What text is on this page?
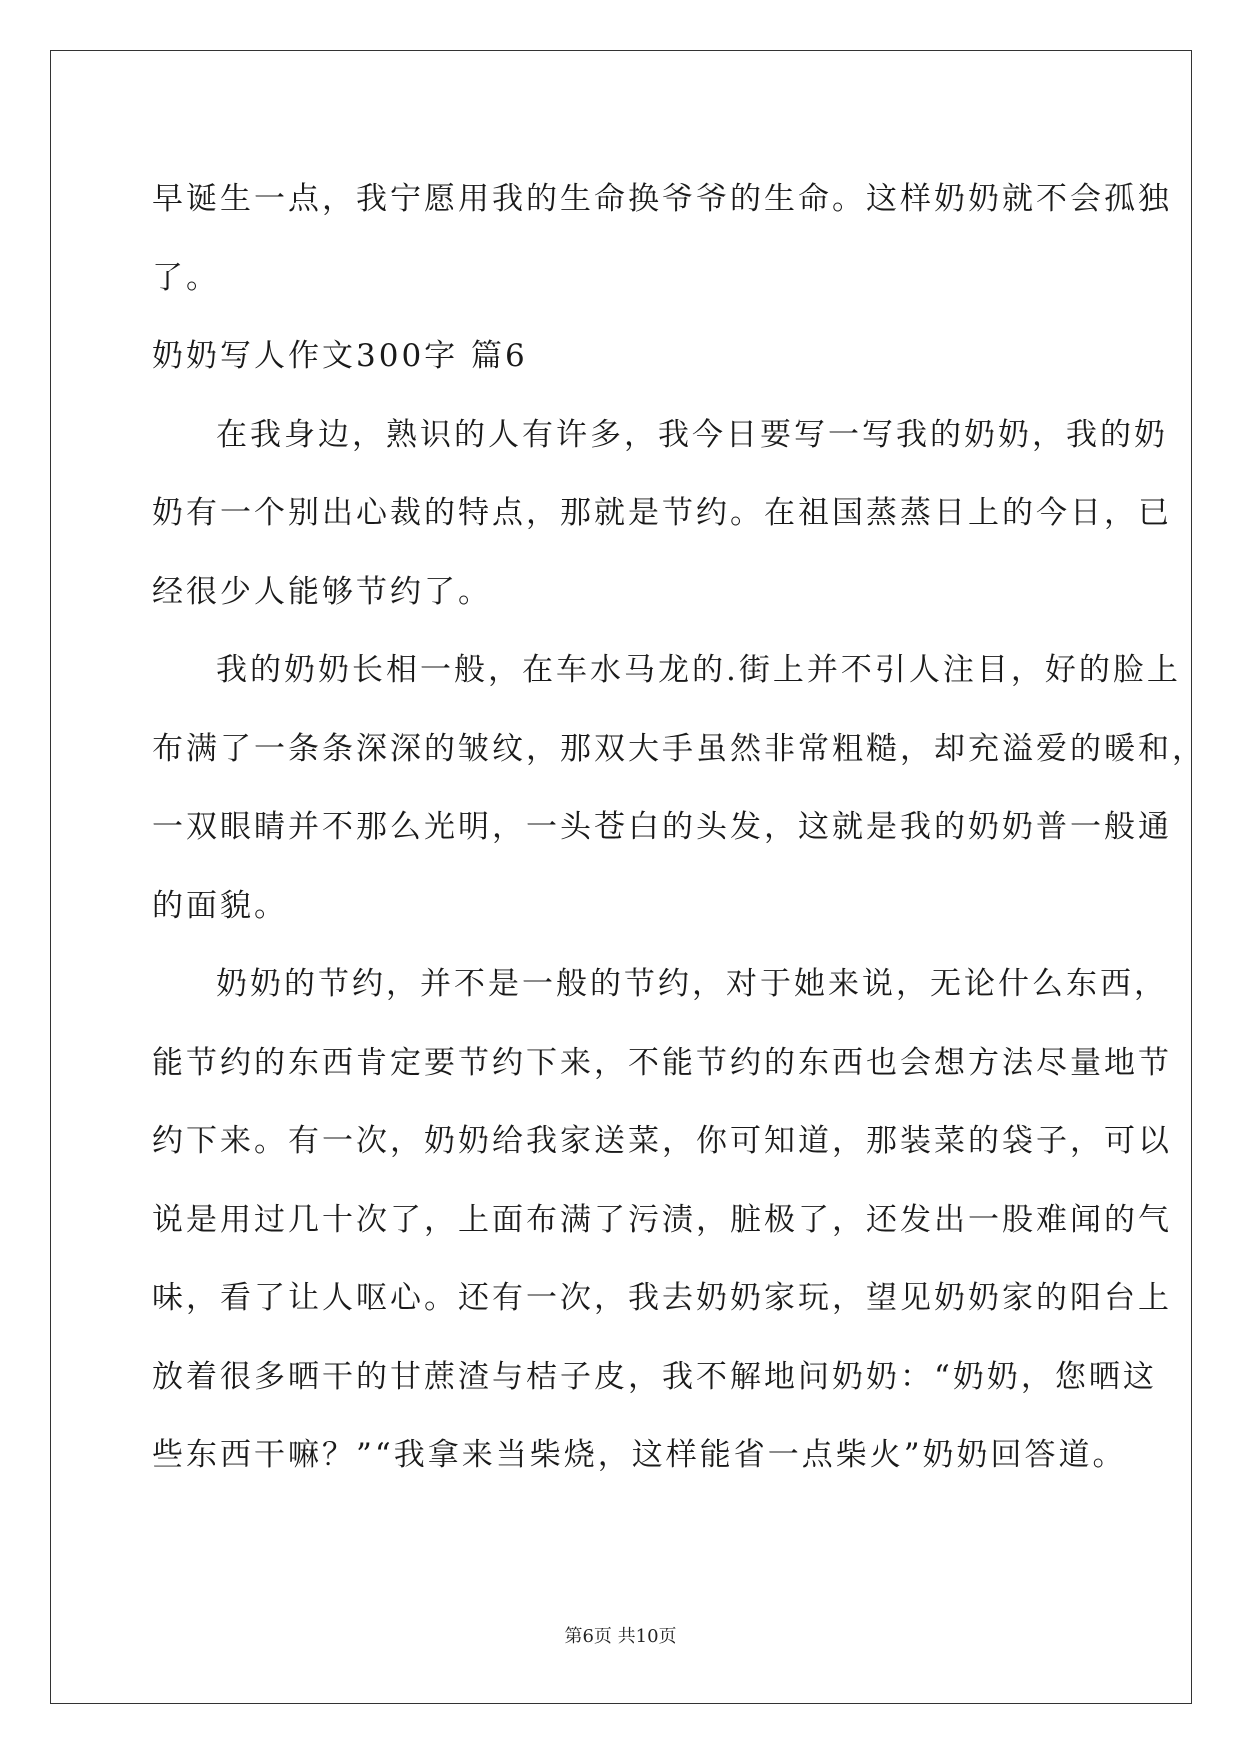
早诞生一点，我宁愿用我的生命换爷爷的生命。这样奶奶就不会孤独
了。
奶奶写人作文300字 篇6
在我身边，熟识的人有许多，我今日要写一写我的奶奶，我的奶
奶有一个别出心裁的特点，那就是节约。在祖国蒸蒸日上的今日，已
经很少人能够节约了。
我的奶奶长相一般，在车水马龙的.街上并不引人注目，好的脸上
布满了一条条深深的皱纹，那双大手虽然非常粗糙，却充溢爱的暖和，
一双眼睛并不那么光明，一头苍白的头发，这就是我的奶奶普一般通
的面貌。
奶奶的节约，并不是一般的节约，对于她来说，无论什么东西，
能节约的东西肯定要节约下来，不能节约的东西也会想方法尽量地节
约下来。有一次，奶奶给我家送菜，你可知道，那装菜的袋子，可以
说是用过几十次了，上面布满了污渍，脏极了，还发出一股难闻的气
味，看了让人呕心。还有一次，我去奶奶家玩，望见奶奶家的阳台上
放着很多晒干的甘蔗渣与桔子皮，我不解地问奶奶：“奶奶，您晒这
些东西干嘛？”“我拿来当柴烧，这样能省一点柴火”奶奶回答道。
第6页 共10页
